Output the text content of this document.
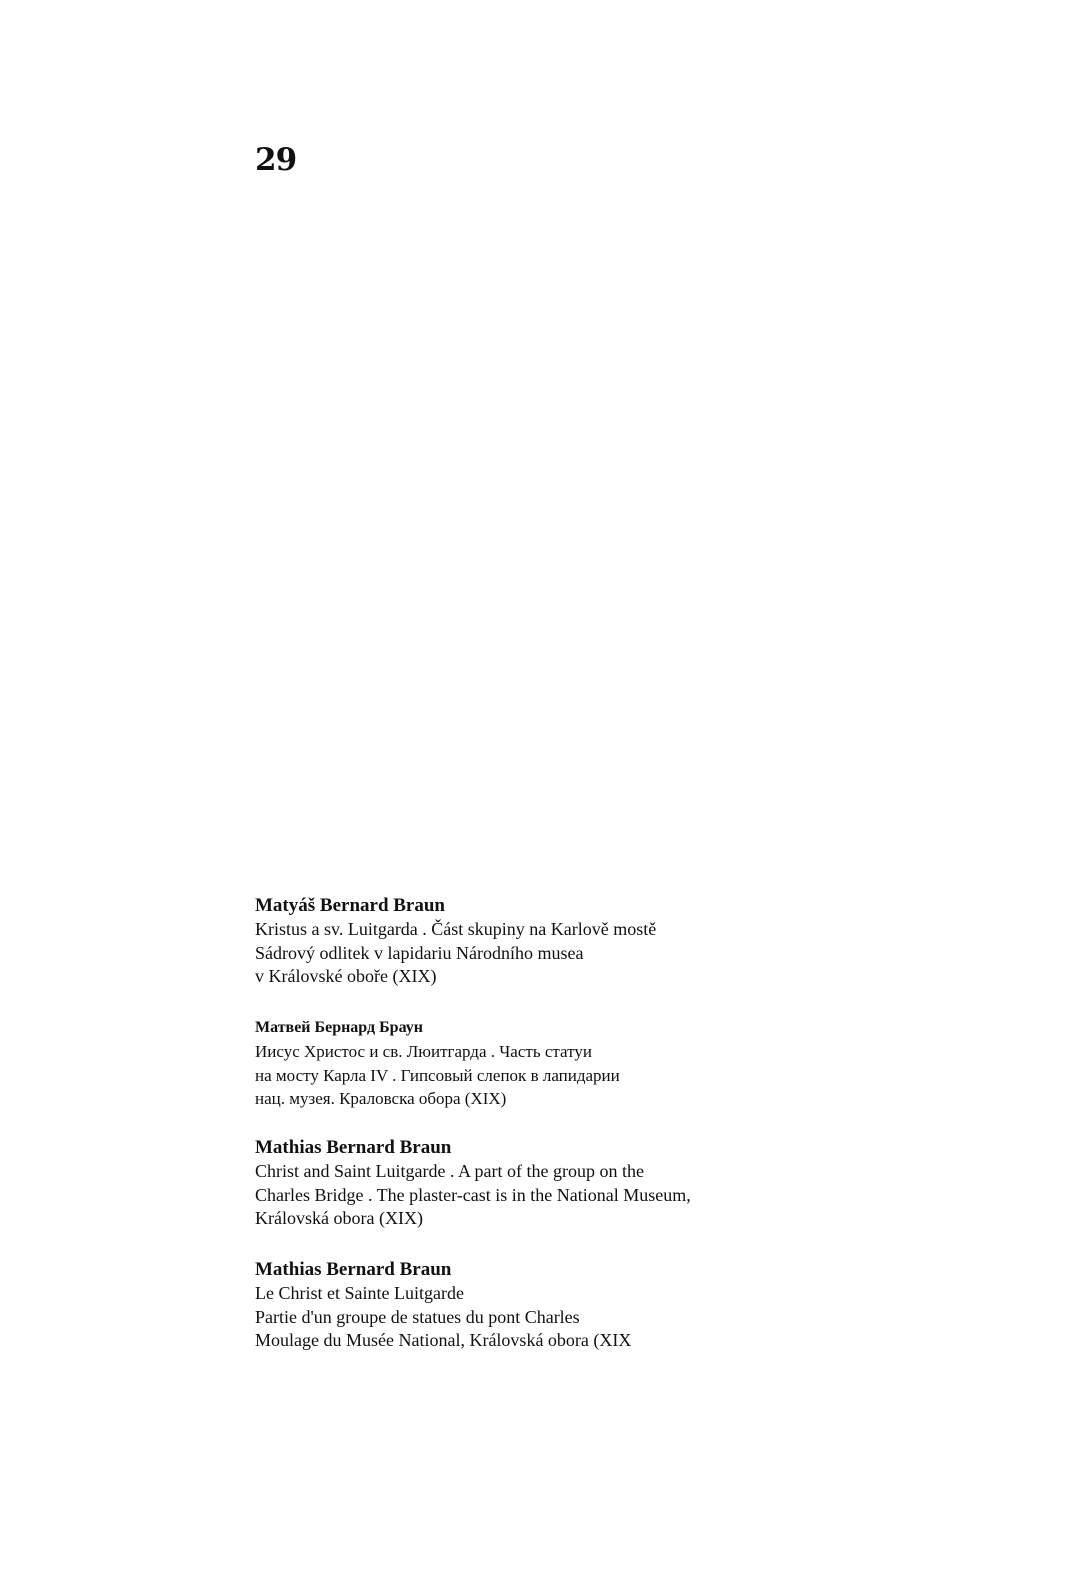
29
Matyáš Bernard Braun
Kristus a sv. Luitgarda . Část skupiny na Karlově mostě
Sádrový odlitek v lapidariu Národního musea
v Královské oboře (XIX)
Матвей Бернард Браун
Иисус Христос и св. Люитгарда . Часть статуи
на мосту Карла IV . Гипсовый слепок в лапидарии
нац. музея. Краловска обора (XIX)
Mathias Bernard Braun
Christ and Saint Luitgarde . A part of the group on the
Charles Bridge . The plaster-cast is in the National Museum,
Královská obora (XIX)
Mathias Bernard Braun
Le Christ et Sainte Luitgarde
Partie d'un groupe de statues du pont Charles
Moulage du Musée National, Královská obora (XIX
